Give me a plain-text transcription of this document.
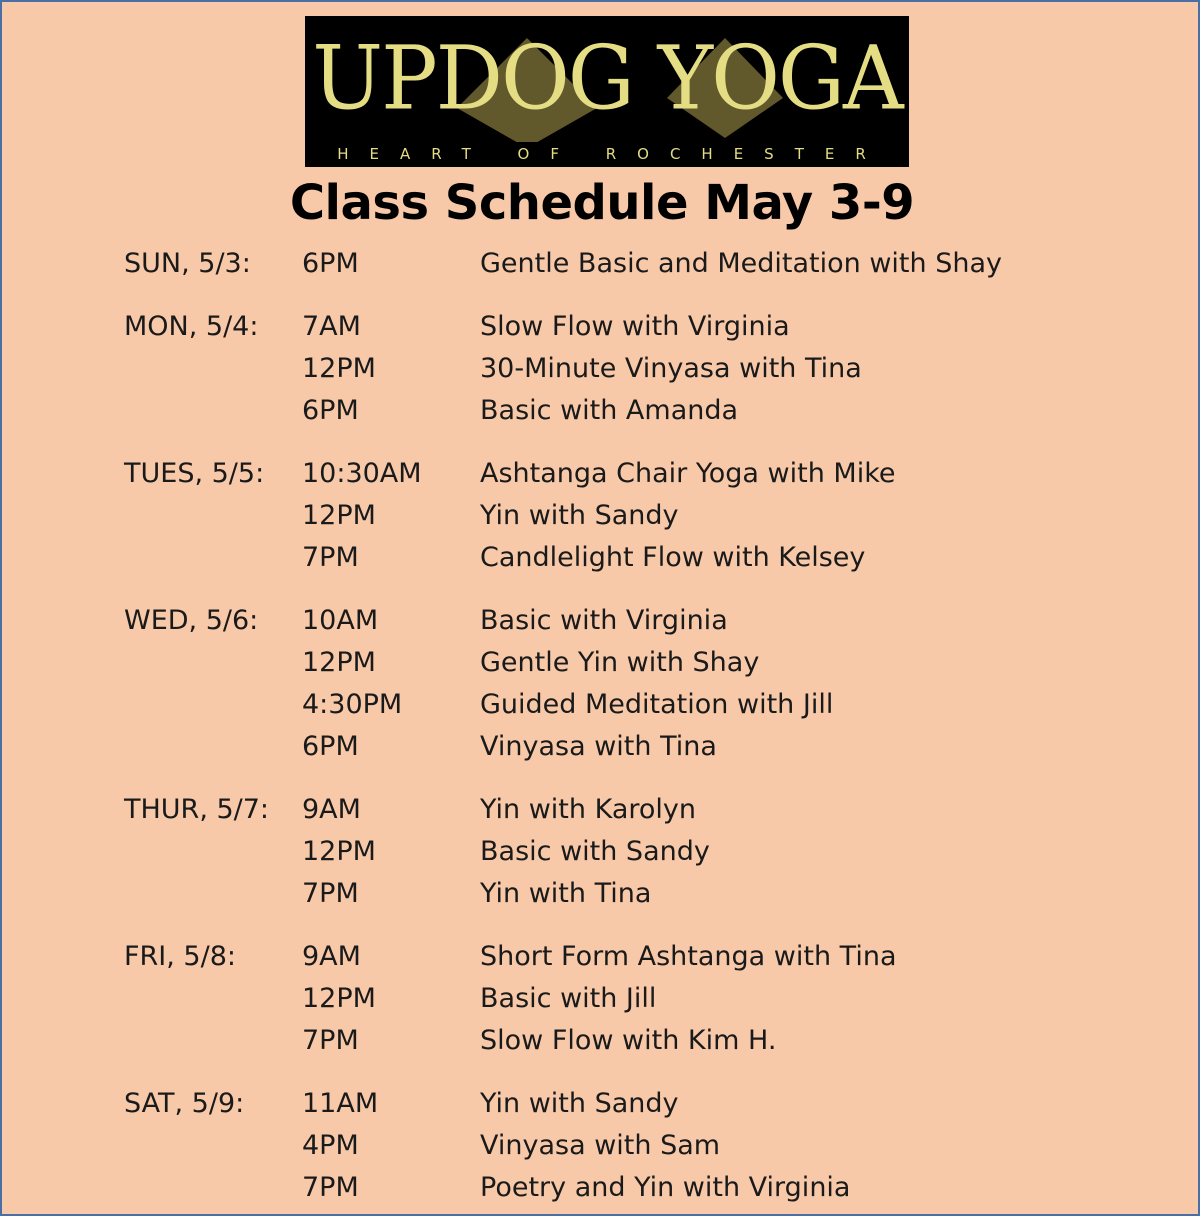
UPDOG YOGA
HEART OF ROCHESTER
Class Schedule May 3-9
SUN, 5/3:	6PM	Gentle Basic and Meditation with Shay
MON, 5/4:	7AM	Slow Flow with Virginia
12PM	30-Minute Vinyasa with Tina
6PM	Basic with Amanda
TUES, 5/5:	10:30AM	Ashtanga Chair Yoga with Mike
12PM	Yin with Sandy
7PM	Candlelight Flow with Kelsey
WED, 5/6:	10AM	Basic with Virginia
12PM	Gentle Yin with Shay
4:30PM	Guided Meditation with Jill
6PM	Vinyasa with Tina
THUR, 5/7:	9AM	Yin with Karolyn
12PM	Basic with Sandy
7PM	Yin with Tina
FRI, 5/8:	9AM	Short Form Ashtanga with Tina
12PM	Basic with Jill
7PM	Slow Flow with Kim H.
SAT, 5/9:	11AM	Yin with Sandy
4PM	Vinyasa with Sam
7PM	Poetry and Yin with Virginia
